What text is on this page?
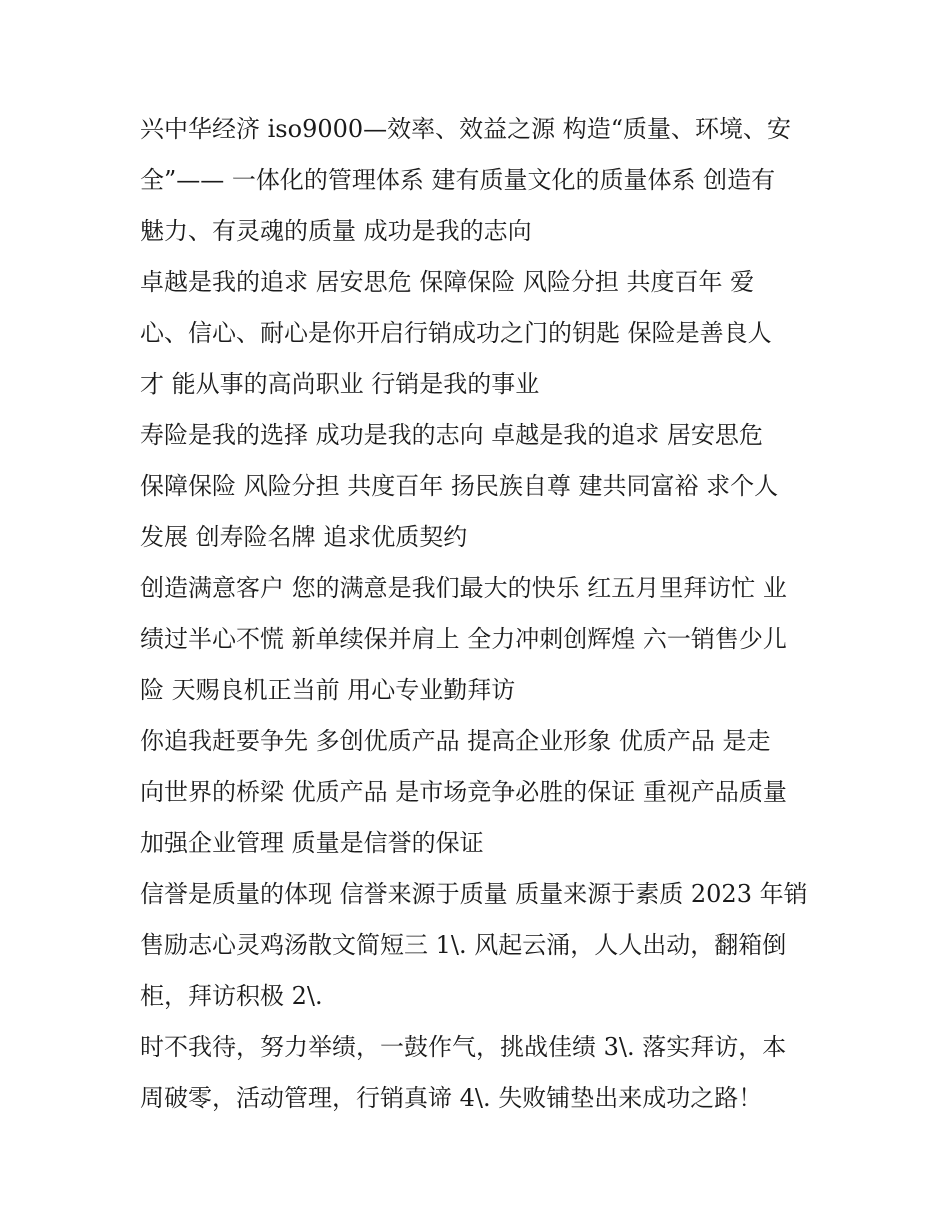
兴中华经济 iso9000—效率、效益之源 构造“质量、环境、安
全”—— 一体化的管理体系 建有质量文化的质量体系 创造有
魅力、有灵魂的质量 成功是我的志向

卓越是我的追求 居安思危 保障保险 风险分担 共度百年 爱
心、信心、耐心是你开启行销成功之门的钥匙 保险是善良人
才 能从事的高尚职业 行销是我的事业

寿险是我的选择 成功是我的志向 卓越是我的追求 居安思危
保障保险 风险分担 共度百年 扬民族自尊 建共同富裕 求个人
发展 创寿险名牌 追求优质契约

创造满意客户 您的满意是我们最大的快乐 红五月里拜访忙 业
绩过半心不慌 新单续保并肩上 全力冲刺创辉煌 六一销售少儿
险 天赐良机正当前 用心专业勤拜访

你追我赶要争先 多创优质产品 提高企业形象 优质产品 是走
向世界的桥梁 优质产品 是市场竞争必胜的保证 重视产品质量
加强企业管理 质量是信誉的保证

信誉是质量的体现 信誉来源于质量 质量来源于素质 2023 年销
售励志心灵鸡汤散文简短三 1\. 风起云涌，人人出动，翻箱倒
柜，拜访积极 2\.

时不我待，努力举绩，一鼓作气，挑战佳绩 3\. 落实拜访，本
周破零，活动管理，行销真谛 4\. 失败铺垫出来成功之路！
